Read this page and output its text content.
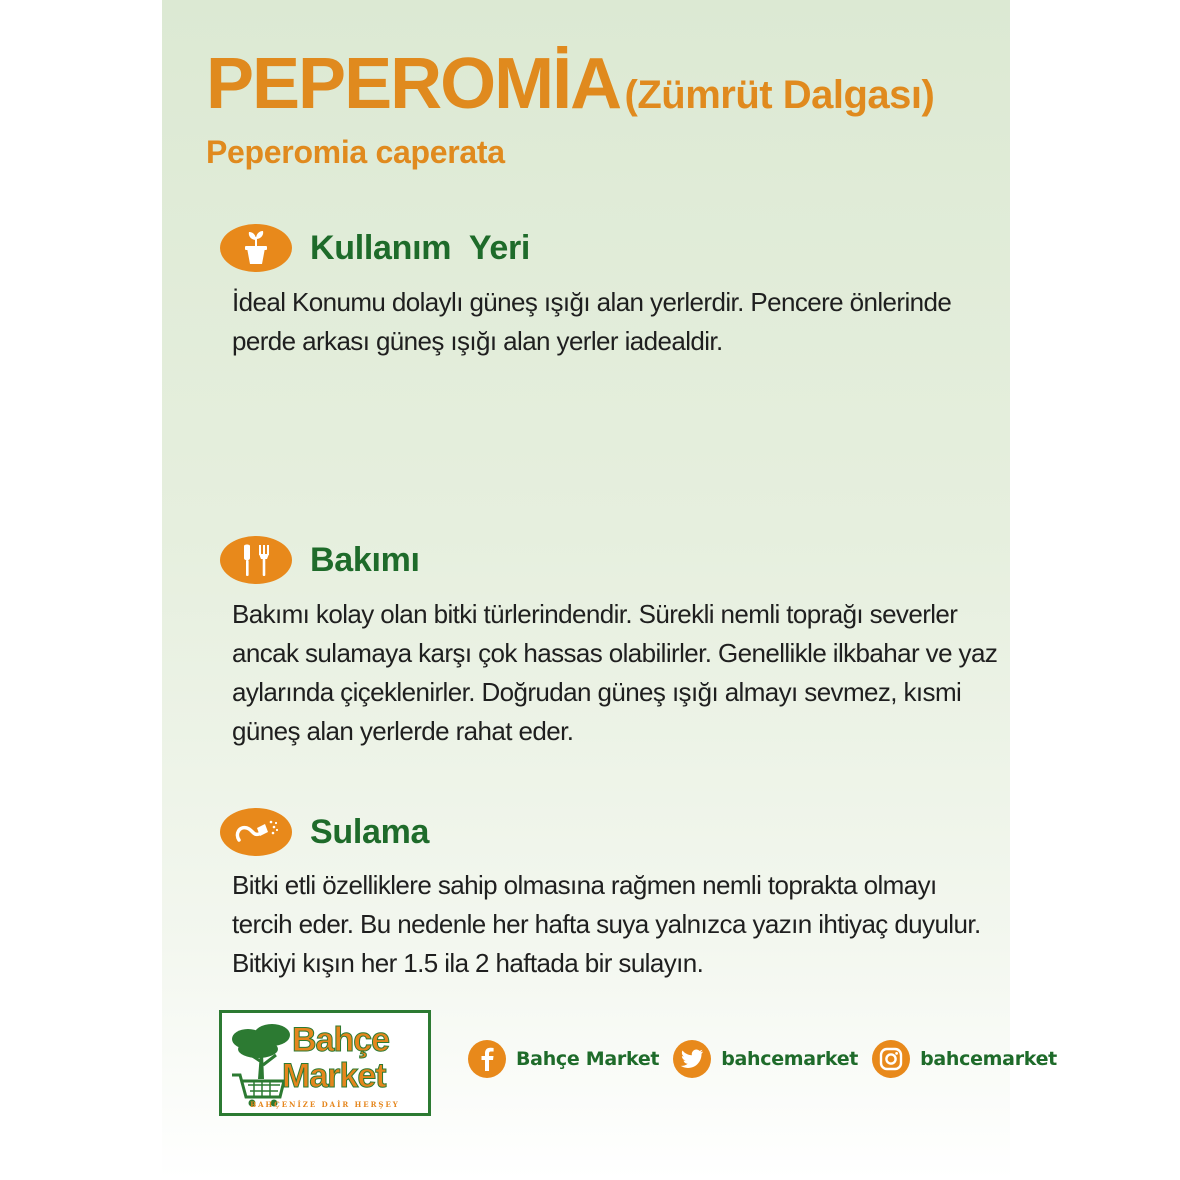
PEPEROMİA (Zümrüt Dalgası)
Peperomia caperata
Kullanım  Yeri

İdeal Konumu dolaylı güneş ışığı alan yerlerdir. Pencere önlerinde perde arkası güneş ışığı alan yerler iadealdir.

Bakımı

Bakımı kolay olan bitki türlerindendir. Sürekli nemli toprağı severler ancak sulamaya karşı çok hassas olabilirler. Genellikle ilkbahar ve yaz aylarında çiçeklenirler. Doğrudan güneş ışığı almayı sevmez, kısmi güneş alan yerlerde rahat eder.

Sulama

Bitki etli özelliklere sahip olmasına rağmen nemli toprakta olmayı tercih eder. Bu nedenle her hafta suya yalnızca yazın ihtiyaç duyulur. Bitkiyi kışın her 1.5 ila 2 haftada bir sulayın.

Bahçe
Market
BAHÇENİZE DAİR HERŞEY
Bahçe Market	bahcemarket	bahcemarket
